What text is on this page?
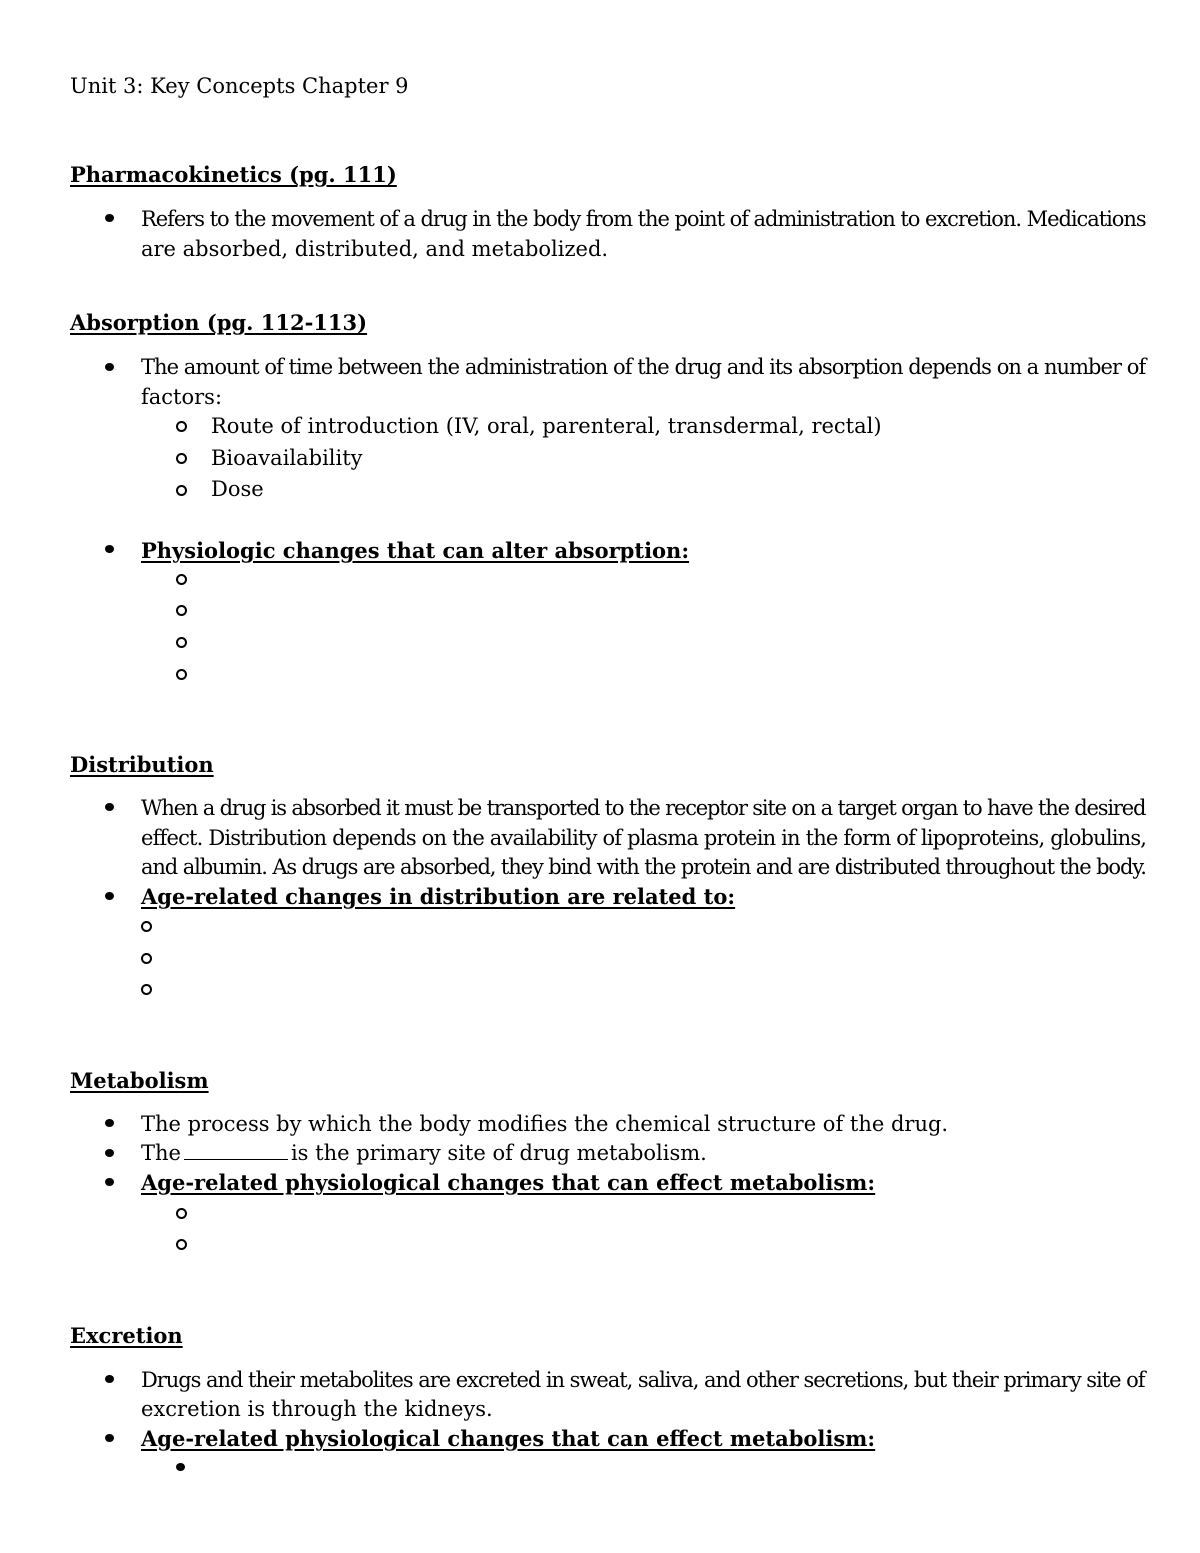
Unit 3: Key Concepts Chapter 9
Pharmacokinetics (pg. 111)
Refers to the movement of a drug in the body from the point of administration to excretion. Medications
are absorbed, distributed, and metabolized.
Absorption (pg. 112-113)
The amount of time between the administration of the drug and its absorption depends on a number of
factors:
Route of introduction (IV, oral, parenteral, transdermal, rectal)
Bioavailability
Dose
Physiologic changes that can alter absorption:
Distribution
When a drug is absorbed it must be transported to the receptor site on a target organ to have the desired
effect. Distribution depends on the availability of plasma protein in the form of lipoproteins, globulins,
and albumin. As drugs are absorbed, they bind with the protein and are distributed throughout the body.
Age-related changes in distribution are related to:
Metabolism
The process by which the body modifies the chemical structure of the drug.
The	is the primary site of drug metabolism.
Age-related physiological changes that can effect metabolism:
Excretion
Drugs and their metabolites are excreted in sweat, saliva, and other secretions, but their primary site of
excretion is through the kidneys.
Age-related physiological changes that can effect metabolism:
